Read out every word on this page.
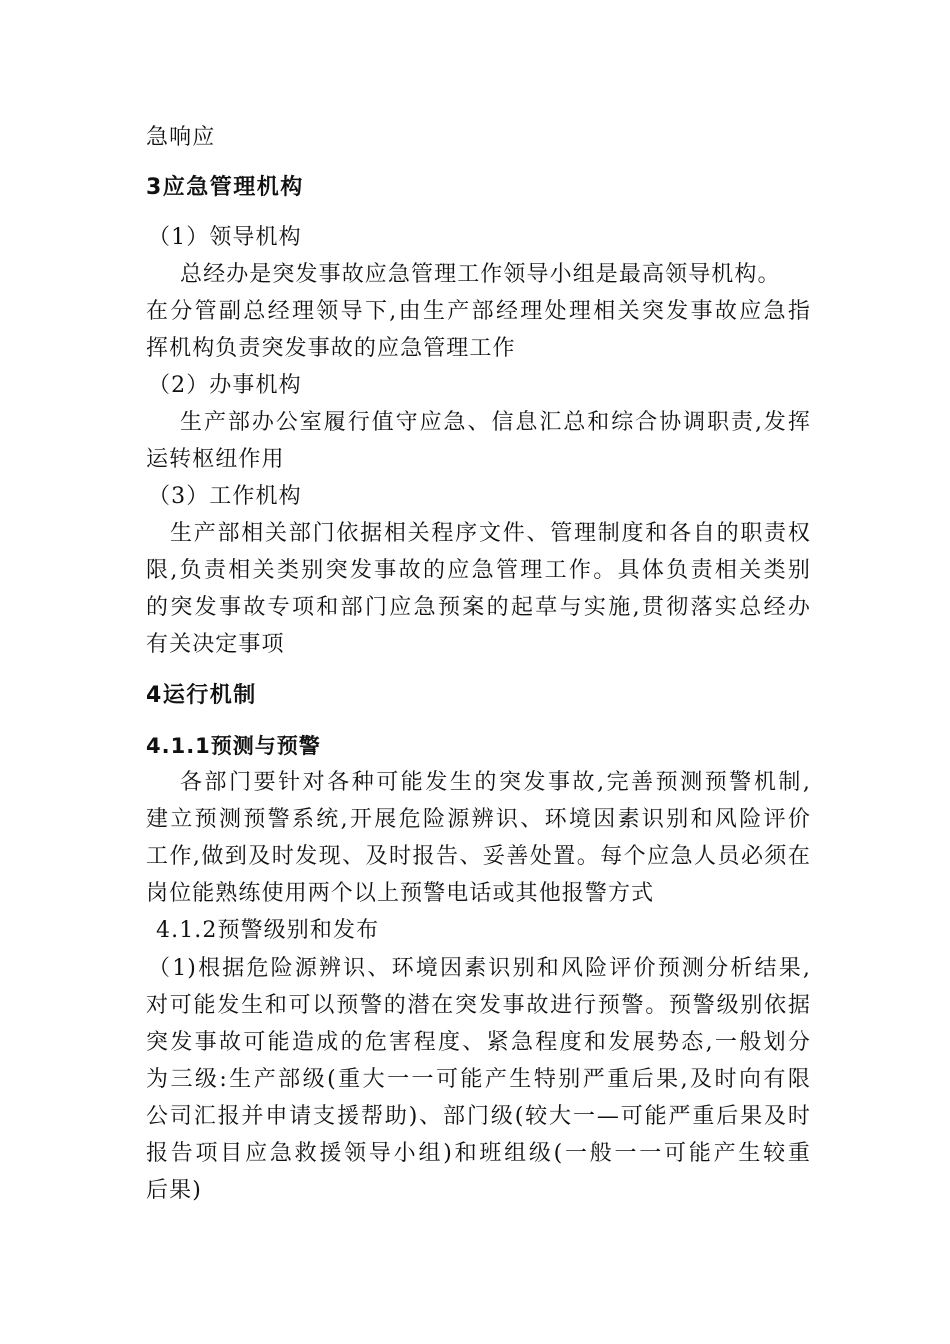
急响应
3应急管理机构
（1）领导机构
总经办是突发事故应急管理工作领导小组是最高领导机构。
在分管副总经理领导下,由生产部经理处理相关突发事故应急指
挥机构负责突发事故的应急管理工作
（2）办事机构
生产部办公室履行值守应急、信息汇总和综合协调职责,发挥
运转枢纽作用
（3）工作机构
生产部相关部门依据相关程序文件、管理制度和各自的职责权
限,负责相关类别突发事故的应急管理工作。具体负责相关类别
的突发事故专项和部门应急预案的起草与实施,贯彻落实总经办
有关决定事项
4运行机制
4.1.1预测与预警
各部门要针对各种可能发生的突发事故,完善预测预警机制,
建立预测预警系统,开展危险源辨识、环境因素识别和风险评价
工作,做到及时发现、及时报告、妥善处置。每个应急人员必须在
岗位能熟练使用两个以上预警电话或其他报警方式
4.1.2预警级别和发布
（1)根据危险源辨识、环境因素识别和风险评价预测分析结果,
对可能发生和可以预警的潜在突发事故进行预警。预警级别依据
突发事故可能造成的危害程度、紧急程度和发展势态,一般划分
为三级:生产部级(重大一一可能产生特别严重后果,及时向有限
公司汇报并申请支援帮助)、部门级(较大一—可能严重后果及时
报告项目应急救援领导小组)和班组级(一般一一可能产生较重
后果)
